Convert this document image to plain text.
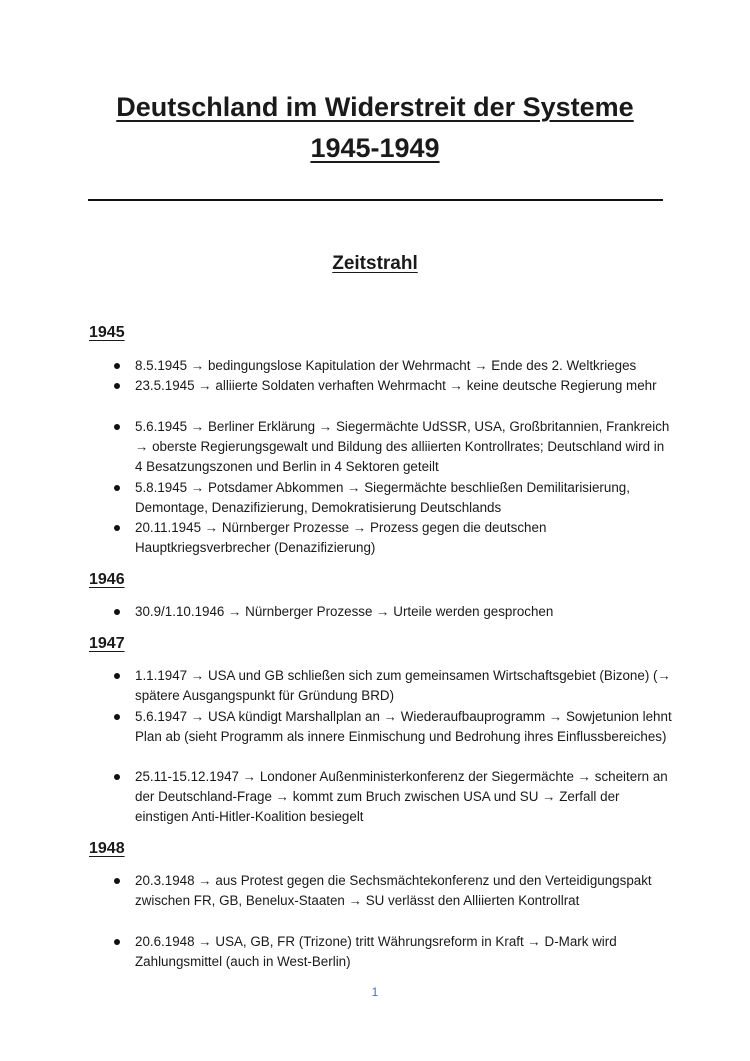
Deutschland im Widerstreit der Systeme
1945-1949
Zeitstrahl
1945
8.5.1945 → bedingungslose Kapitulation der Wehrmacht → Ende des 2. Weltkrieges
23.5.1945 → alliierte Soldaten verhaften Wehrmacht → keine deutsche Regierung mehr
5.6.1945 → Berliner Erklärung → Siegermächte UdSSR, USA, Großbritannien, Frankreich → oberste Regierungsgewalt und Bildung des alliierten Kontrollrates; Deutschland wird in 4 Besatzungszonen und Berlin in 4 Sektoren geteilt
5.8.1945 → Potsdamer Abkommen → Siegermächte beschließen Demilitarisierung, Demontage, Denazifizierung, Demokratisierung Deutschlands
20.11.1945 → Nürnberger Prozesse → Prozess gegen die deutschen Hauptkriegsverbrecher (Denazifizierung)
1946
30.9/1.10.1946 → Nürnberger Prozesse → Urteile werden gesprochen
1947
1.1.1947 → USA und GB schließen sich zum gemeinsamen Wirtschaftsgebiet (Bizone) (→ spätere Ausgangspunkt für Gründung BRD)
5.6.1947 → USA kündigt Marshallplan an → Wiederaufbauprogramm → Sowjetunion lehnt Plan ab (sieht Programm als innere Einmischung und Bedrohung ihres Einflussbereiches)
25.11-15.12.1947 → Londoner Außenministerkonferenz der Siegermächte → scheitern an der Deutschland-Frage → kommt zum Bruch zwischen USA und SU → Zerfall der einstigen Anti-Hitler-Koalition besiegelt
1948
20.3.1948 → aus Protest gegen die Sechsmächtekonferenz und den Verteidigungspakt zwischen FR, GB, Benelux-Staaten → SU verlässt den Alliierten Kontrollrat
20.6.1948 → USA, GB, FR (Trizone) tritt Währungsreform in Kraft → D-Mark wird Zahlungsmittel (auch in West-Berlin)
1
